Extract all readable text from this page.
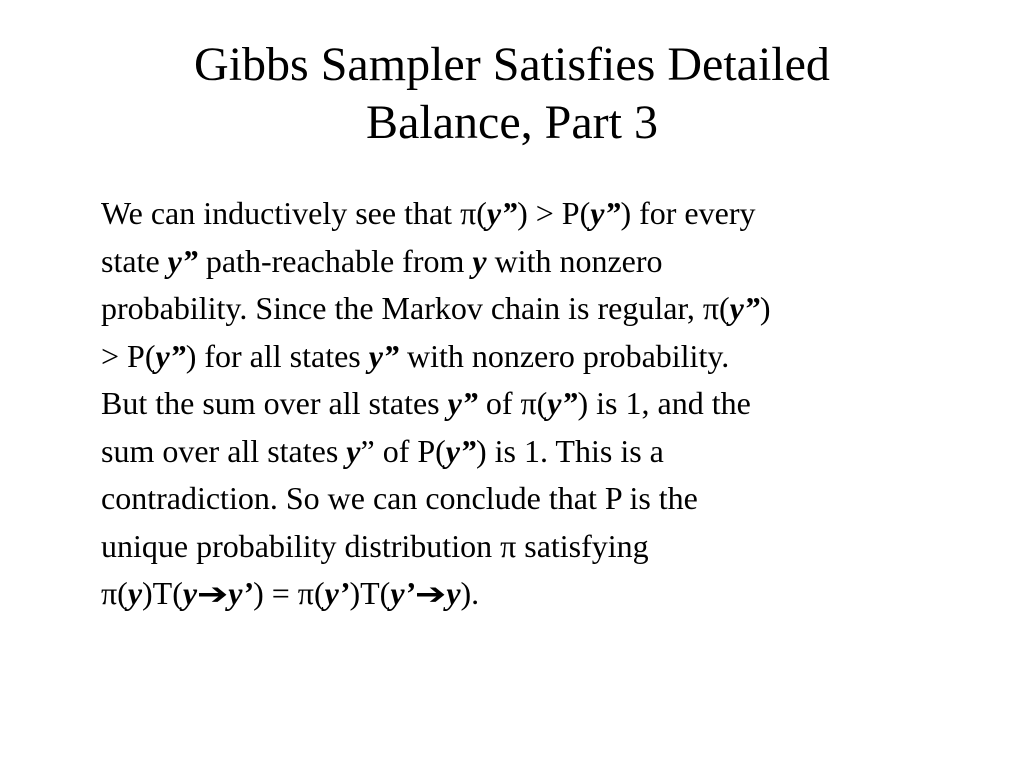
Gibbs Sampler Satisfies Detailed
Balance, Part 3
We can inductively see that π(y”) > P(y”) for every
state y” path-reachable from y with nonzero
probability. Since the Markov chain is regular, π(y”)
> P(y”) for all states y” with nonzero probability.
But the sum over all states y” of π(y”) is 1, and the
sum over all states y” of P(y”) is 1. This is a
contradiction. So we can conclude that P is the
unique probability distribution π satisfying
π(y)T(y➔y’) = π(y’)T(y’➔y).
